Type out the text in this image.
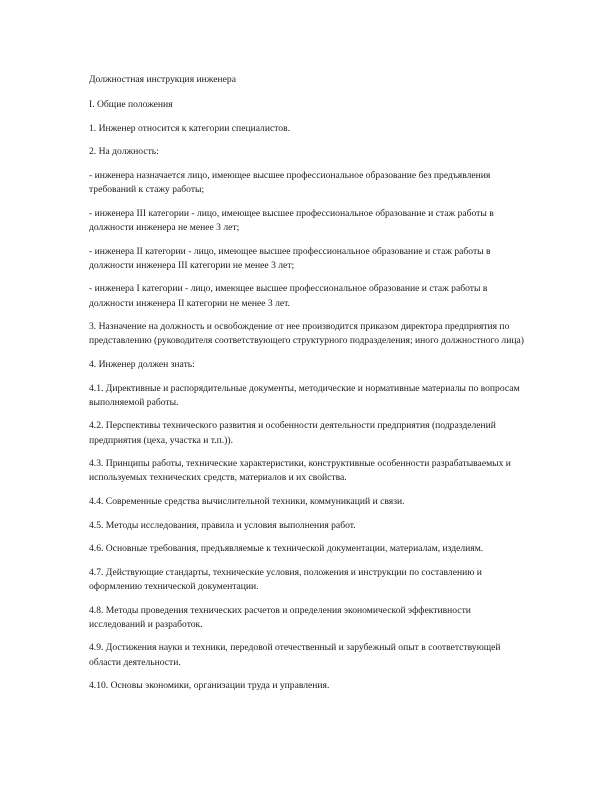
Должностная инструкция инженера

I. Общие положения

1. Инженер относится к категории специалистов.

2. На должность:

- инженера назначается лицо, имеющее высшее профессиональное образование без предъявления требований к стажу работы;

- инженера III категории - лицо, имеющее высшее профессиональное образование и стаж работы в должности инженера не менее 3 лет;

- инженера II категории - лицо, имеющее высшее профессиональное образование и стаж работы в должности инженера III категории не менее 3 лет;

- инженера I категории - лицо, имеющее высшее профессиональное образование и стаж работы в должности инженера II категории не менее 3 лет.

3. Назначение на должность и освобождение от нее производится приказом директора предприятия по представлению (руководителя соответствующего структурного подразделения; иного должностного лица)

4. Инженер должен знать:

4.1. Директивные и распорядительные документы, методические и нормативные материалы по вопросам выполняемой работы.

4.2. Перспективы технического развития и особенности деятельности предприятия (подразделений предприятия (цеха, участка и т.п.)).

4.3. Принципы работы, технические характеристики, конструктивные особенности разрабатываемых и используемых технических средств, материалов и их свойства.

4.4. Современные средства вычислительной техники, коммуникаций и связи.

4.5. Методы исследования, правила и условия выполнения работ.

4.6. Основные требования, предъявляемые к технической документации, материалам, изделиям.

4.7. Действующие стандарты, технические условия, положения и инструкции по составлению и оформлению технической документации.

4.8. Методы проведения технических расчетов и определения экономической эффективности исследований и разработок.

4.9. Достижения науки и техники, передовой отечественный и зарубежный опыт в соответствующей области деятельности.

4.10. Основы экономики, организации труда и управления.
